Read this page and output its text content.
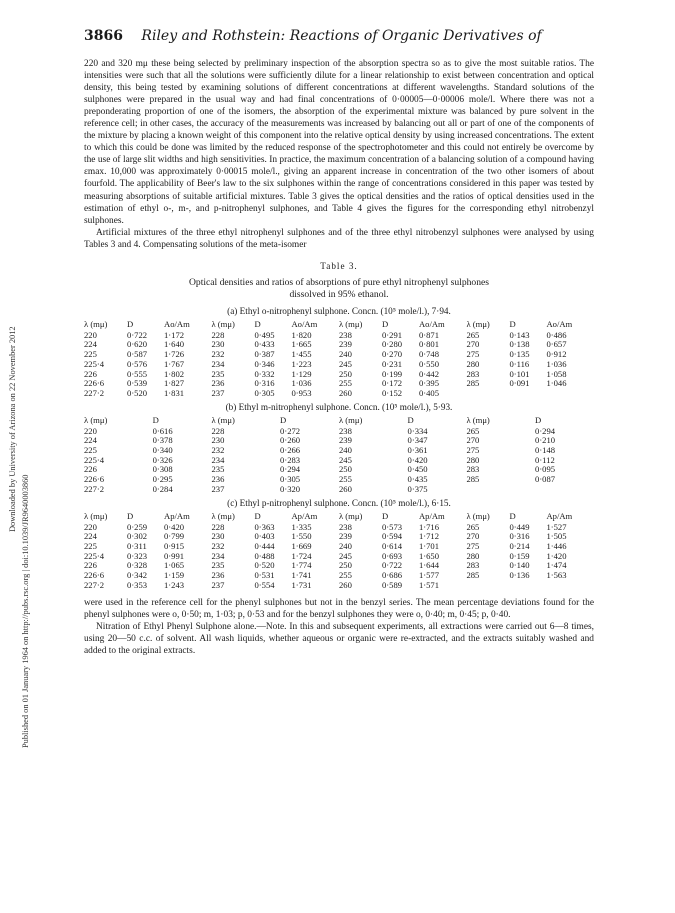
Downloaded by University of Arizona on 22 November 2012
Published on 01 January 1964 on http://pubs.rsc.org | doi:10.1039/JR9640003860
3866 Riley and Rothstein: Reactions of Organic Derivatives of

220 and 320 mμ these being selected by preliminary inspection of the absorption spectra so as to give the most suitable ratios. The intensities were such that all the solutions were sufficiently dilute for a linear relationship to exist between concentration and optical density, this being tested by examining solutions of different concentrations at different wavelengths. Standard solutions of the sulphones were prepared in the usual way and had final concentrations of 0·00005—0·00006 mole/l. Where there was not a preponderating proportion of one of the isomers, the absorption of the experimental mixture was balanced by pure solvent in the reference cell; in other cases, the accuracy of the measurements was increased by balancing out all or part of one of the components of the mixture by placing a known weight of this component into the relative optical density by using increased concentrations. The extent to which this could be done was limited by the reduced response of the spectrophotometer and this could not entirely be overcome by the use of large slit widths and high sensitivities. In practice, the maximum concentration of a balancing solution of a compound having εmax. 10,000 was approximately 0·00015 mole/l., giving an apparent increase in concentration of the two other isomers of about fourfold. The applicability of Beer's law to the six sulphones within the range of concentrations considered in this paper was tested by measuring absorptions of suitable artificial mixtures. Table 3 gives the optical densities and the ratios of optical densities used in the estimation of ethyl o-, m-, and p-nitrophenyl sulphones, and Table 4 gives the figures for the corresponding ethyl nitrobenzyl sulphones.

Artificial mixtures of the three ethyl nitrophenyl sulphones and of the three ethyl nitrobenzyl sulphones were analysed by using Tables 3 and 4. Compensating solutions of the meta-isomer

Table 3.
Optical densities and ratios of absorptions of pure ethyl nitrophenyl sulphones
dissolved in 95% ethanol.
(a) Ethyl o-nitrophenyl sulphone. Concn. (10⁵ mole/l.), 7·94.
λ (mμ)	D	Ao/Am	λ (mμ)	D	Ao/Am	λ (mμ)	D	Ao/Am	λ (mμ)	D	Ao/Am
220	0·722	1·172	228	0·495	1·820	238	0·291	0·871	265	0·143	0·486
224	0·620	1·640	230	0·433	1·665	239	0·280	0·801	270	0·138	0·657
225	0·587	1·726	232	0·387	1·455	240	0·270	0·748	275	0·135	0·912
225·4	0·576	1·767	234	0·346	1·223	245	0·231	0·550	280	0·116	1·036
226	0·555	1·802	235	0·332	1·129	250	0·199	0·442	283	0·101	1·058
226·6	0·539	1·827	236	0·316	1·036	255	0·172	0·395	285	0·091	1·046
227·2	0·520	1·831	237	0·305	0·953	260	0·152	0·405			
(b) Ethyl m-nitrophenyl sulphone. Concn. (10⁵ mole/l.), 5·93.
λ (mμ)	D	λ (mμ)	D	λ (mμ)	D	λ (mμ)	D
220	0·616	228	0·272	238	0·334	265	0·294
224	0·378	230	0·260	239	0·347	270	0·210
225	0·340	232	0·266	240	0·361	275	0·148
225·4	0·326	234	0·283	245	0·420	280	0·112
226	0·308	235	0·294	250	0·450	283	0·095
226·6	0·295	236	0·305	255	0·435	285	0·087
227·2	0·284	237	0·320	260	0·375		
(c) Ethyl p-nitrophenyl sulphone. Concn. (10⁵ mole/l.), 6·15.
λ (mμ)	D	Ap/Am	λ (mμ)	D	Ap/Am	λ (mμ)	D	Ap/Am	λ (mμ)	D	Ap/Am
220	0·259	0·420	228	0·363	1·335	238	0·573	1·716	265	0·449	1·527
224	0·302	0·799	230	0·403	1·550	239	0·594	1·712	270	0·316	1·505
225	0·311	0·915	232	0·444	1·669	240	0·614	1·701	275	0·214	1·446
225·4	0·323	0·991	234	0·488	1·724	245	0·693	1·650	280	0·159	1·420
226	0·328	1·065	235	0·520	1·774	250	0·722	1·644	283	0·140	1·474
226·6	0·342	1·159	236	0·531	1·741	255	0·686	1·577	285	0·136	1·563
227·2	0·353	1·243	237	0·554	1·731	260	0·589	1·571			

were used in the reference cell for the phenyl sulphones but not in the benzyl series. The mean percentage deviations found for the phenyl sulphones were o, 0·50; m, 1·03; p, 0·53 and for the benzyl sulphones they were o, 0·40; m, 0·45; p, 0·40.

Nitration of Ethyl Phenyl Sulphone alone.—Note. In this and subsequent experiments, all extractions were carried out 6—8 times, using 20—50 c.c. of solvent. All wash liquids, whether aqueous or organic were re-extracted, and the extracts suitably washed and added to the original extracts.
